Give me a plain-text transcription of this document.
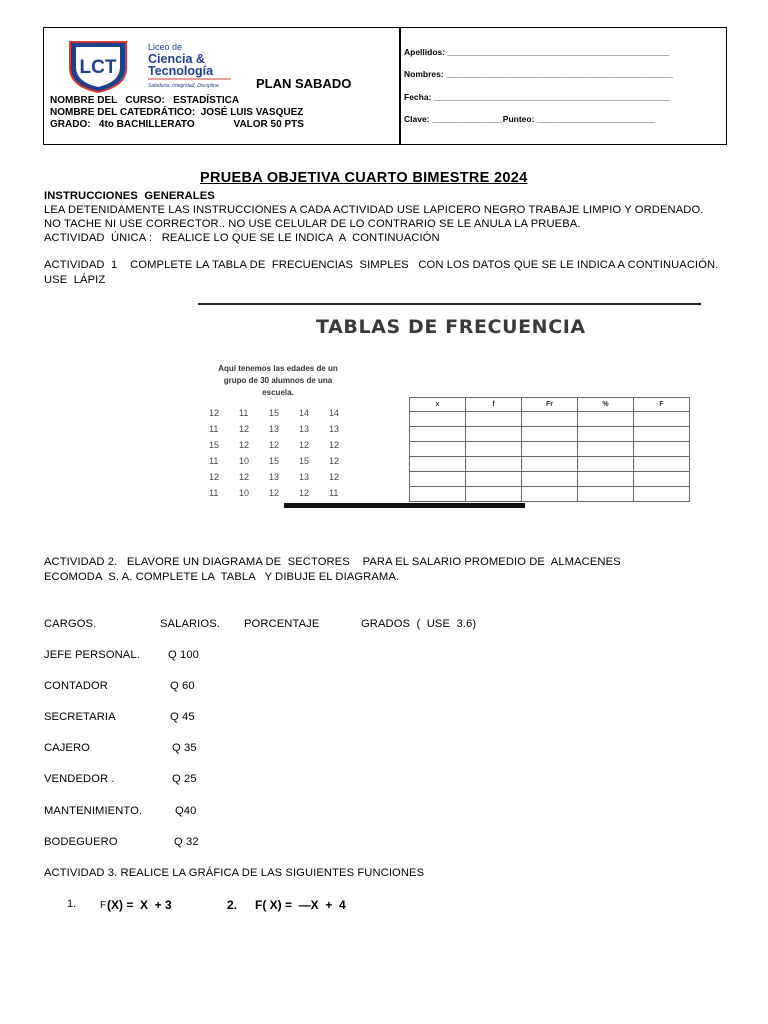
LCT
Liceo de
Ciencia &
Tecnología
Sabiduría, Integridad, Disciplina	PLAN SABADO
NOMBRE DEL   CURSO:   ESTADÍSTICA
NOMBRE DEL CATEDRÁTICO:  JOSÉ LUIS VASQUEZ
GRADO:   4to BACHILLERATO              VALOR 50 PTS
Apellidos: _______________________________________________
Nombres: ________________________________________________
Fecha: __________________________________________________
Clave: _______________Punteo: _________________________
PRUEBA OBJETIVA CUARTO BIMESTRE 2024
INSTRUCCIONES  GENERALES
LEA DETENIDAMENTE LAS INSTRUCCIONES A CADA ACTIVIDAD USE LAPICERO NEGRO TRABAJE LIMPIO Y ORDENADO.
NO TACHE NI USE CORRECTOR.. NO USE CELULAR DE LO CONTRARIO SE LE ANULA LA PRUEBA.
ACTIVIDAD  ÚNICA :   REALICE LO QUE SE LE INDICA  A  CONTINUACIÓN
ACTIVIDAD  1    COMPLETE LA TABLA DE  FRECUENCIAS  SIMPLES   CON LOS DATOS QUE SE LE INDICA A CONTINUACIÓN.
USE  LÁPIZ
TABLAS DE FRECUENCIA
Aquí tenemos las edades de un
grupo de 30 alumnos de una
escuela.
12	11	15	14	14
11	12	13	13	13
15	12	12	12	12
11	10	15	15	12
12	12	13	13	12
11	10	12	12	11
x	f	Fr	%	F

ACTIVIDAD 2.   ELAVORE UN DIAGRAMA DE  SECTORES    PARA EL SALARIO PROMEDIO DE  ALMACENES
ECOMODA  S. A. COMPLETE LA  TABLA   Y DIBUJE EL DIAGRAMA.
CARGOS.	SALARIOS. PORCENTAJE	GRADOS  (  USE  3.6)
JEFE PERSONAL.	Q 100
CONTADOR	Q 60
SECRETARIA	Q 45
CAJERO	Q 35
VENDEDOR .	Q 25
MANTENIMIENTO.	Q40
BODEGUERO	Q 32
ACTIVIDAD 3. REALICE LA GRÁFICA DE LAS SIGUIENTES FUNCIONES
1. F (X) =  X  + 3	2. F( X) =  —X  +  4
